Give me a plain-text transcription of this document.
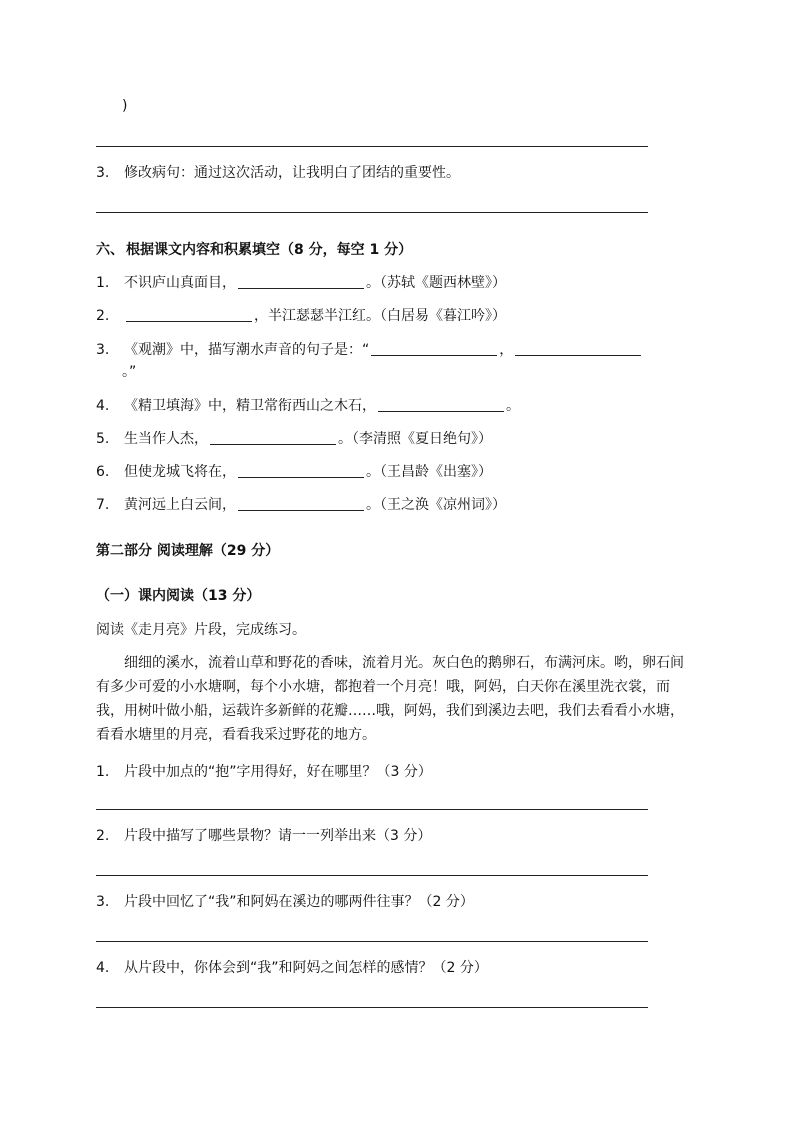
)
3. 修改病句：通过这次活动，让我明白了团结的重要性。
六、 根据课文内容和积累填空（8 分，每空 1 分）
1. 不识庐山真面目，	。（苏轼《题西林壁》）
2.	，半江瑟瑟半江红。（白居易《暮江吟》）
3. 《观潮》中，描写潮水声音的句子是：“	，
。”
4. 《精卫填海》中，精卫常衔西山之木石，	。
5. 生当作人杰，	。（李清照《夏日绝句》）
6. 但使龙城飞将在，	。（王昌龄《出塞》）
7. 黄河远上白云间，	。（王之涣《凉州词》）
第二部分 阅读理解（29 分）
（一）课内阅读（13 分）
阅读《走月亮》片段，完成练习。
细细的溪水，流着山草和野花的香味，流着月光。灰白色的鹅卵石，布满河床。哟，卵石间有多少可爱的小水塘啊，每个小水塘，都抱着一个月亮！哦，阿妈，白天你在溪里洗衣裳，而我，用树叶做小船，运载许多新鲜的花瓣……哦，阿妈，我们到溪边去吧，我们去看看小水塘，看看水塘里的月亮，看看我采过野花的地方。
1. 片段中加点的“抱”字用得好，好在哪里？（3 分）
2. 片段中描写了哪些景物？请一一列举出来（3 分）
3. 片段中回忆了“我”和阿妈在溪边的哪两件往事？（2 分）
4. 从片段中，你体会到“我”和阿妈之间怎样的感情？（2 分）
